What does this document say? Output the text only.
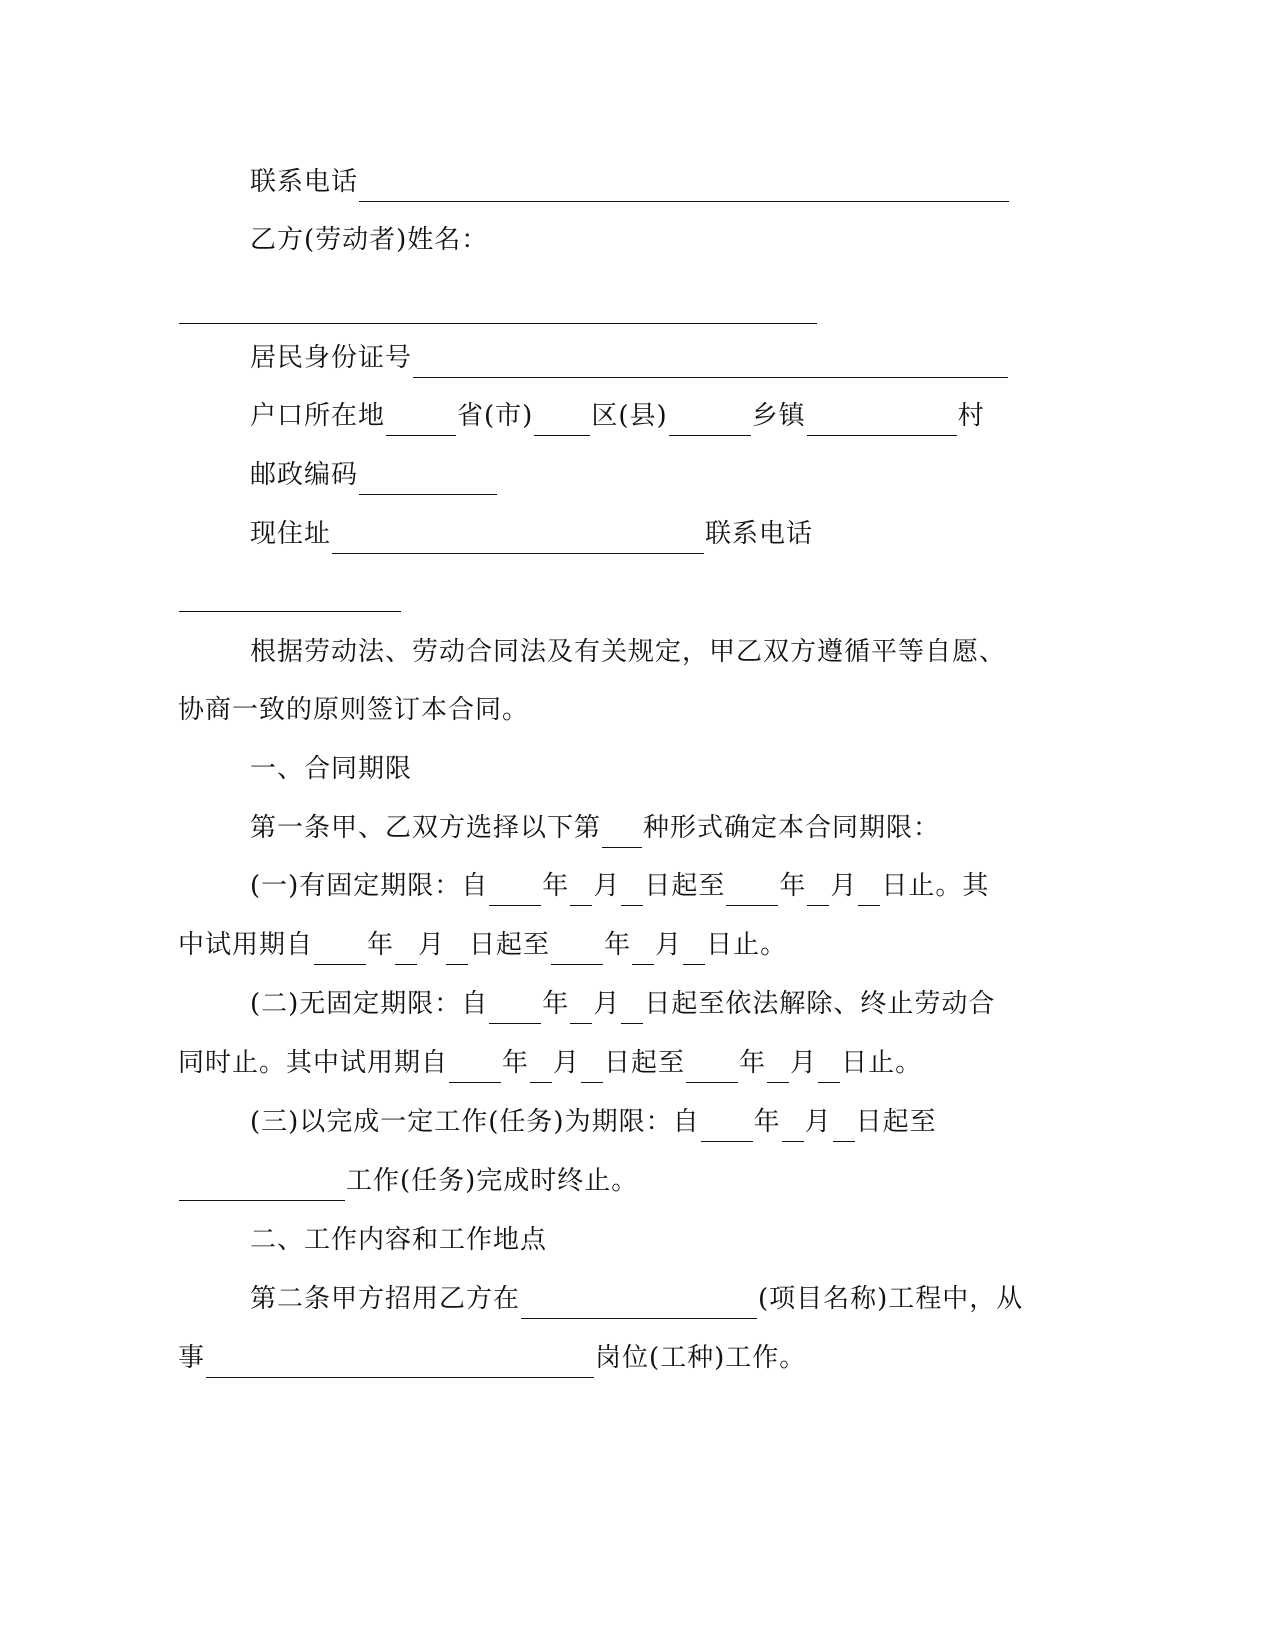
联系电话
乙方(劳动者)姓名：
居民身份证号
户口所在地	省(市) 区(县)	乡镇	村
邮政编码
现住址	联系电话
根据劳动法、劳动合同法及有关规定，甲乙双方遵循平等自愿、
协商一致的原则签订本合同。
一、合同期限
第一条甲、乙双方选择以下第 种形式确定本合同期限：
(一)有固定期限：自 年 月 日起至 年 月 日止。其
中试用期自 年 月 日起至 年 月 日止。
(二)无固定期限：自 年 月 日起至依法解除、终止劳动合
同时止。其中试用期自 年 月 日起至 年 月 日止。
(三)以完成一定工作(任务)为期限：自 年 月 日起至
工作(任务)完成时终止。
二、工作内容和工作地点
第二条甲方招用乙方在	(项目名称)工程中，从
事	岗位(工种)工作。
